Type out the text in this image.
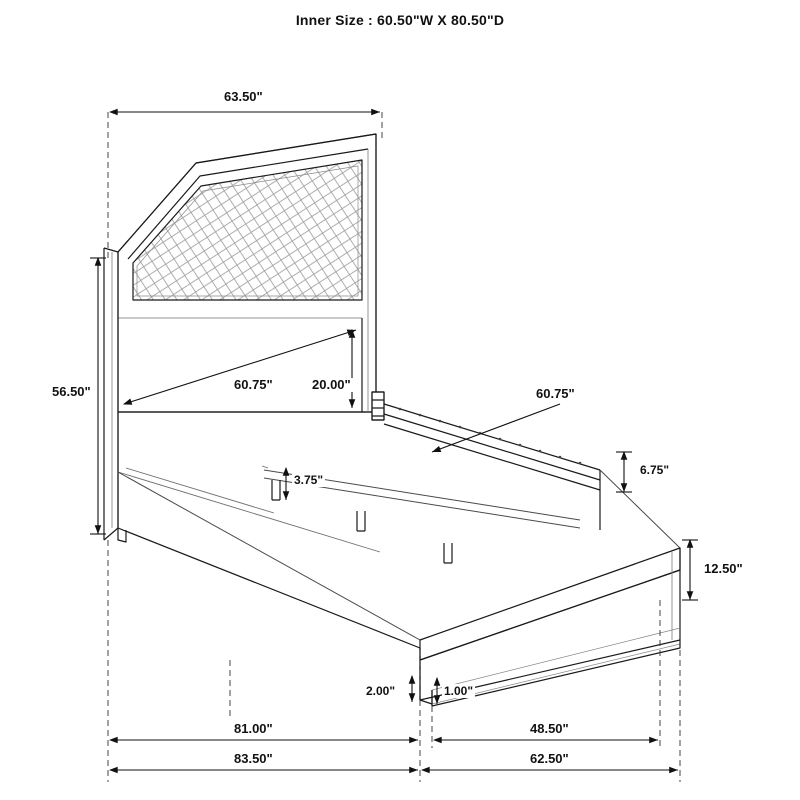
Inner Size : 60.50"W X 80.50"D
63.50"
56.50"	60.75"	20.00"
60.75"
6.75"
3.75"
12.50"
2.00"	1.00"
81.00"	48.50"
83.50"	62.50"
